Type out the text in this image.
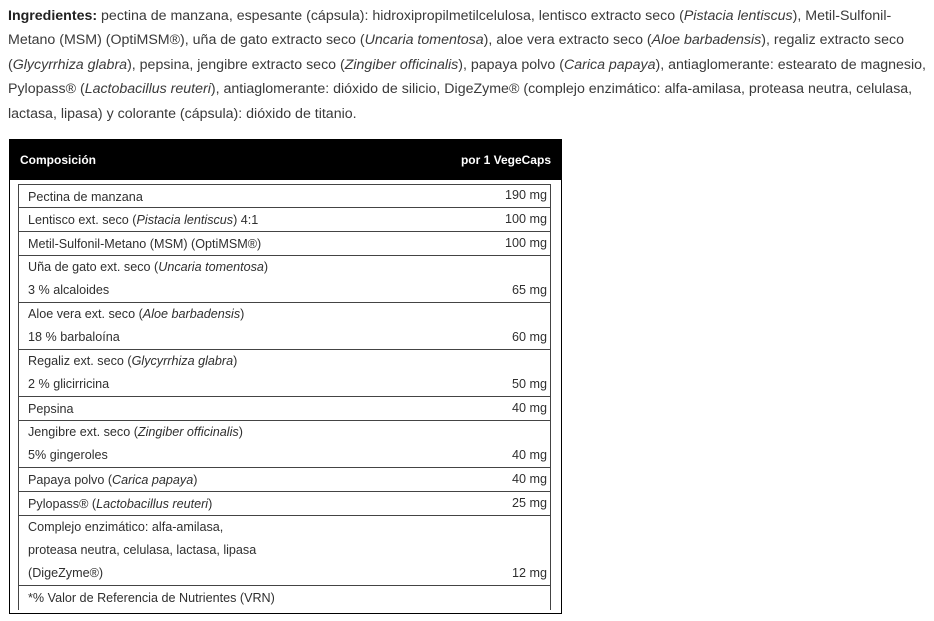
Ingredientes: pectina de manzana, espesante (cápsula): hidroxipropilmetilcelulosa, lentisco extracto seco (Pistacia lentiscus), Metil-Sulfonil-Metano (MSM) (OptiMSM®), uña de gato extracto seco (Uncaria tomentosa), aloe vera extracto seco (Aloe barbadensis), regaliz extracto seco (Glycyrrhiza glabra), pepsina, jengibre extracto seco (Zingiber officinalis), papaya polvo (Carica papaya), antiaglomerante: estearato de magnesio, Pylopass® (Lactobacillus reuteri), antiaglomerante: dióxido de silicio, DigeZyme® (complejo enzimático: alfa-amilasa, proteasa neutra, celulasa, lactasa, lipasa) y colorante (cápsula): dióxido de titanio.

Composición	por 1 VegeCaps
Pectina de manzana	190 mg
Lentisco ext. seco (Pistacia lentiscus) 4:1	100 mg
Metil-Sulfonil-Metano (MSM) (OptiMSM®)	100 mg
Uña de gato ext. seco (Uncaria tomentosa)
3 % alcaloides	65 mg
Aloe vera ext. seco (Aloe barbadensis)
18 % barbaloína	60 mg
Regaliz ext. seco (Glycyrrhiza glabra)
2 % glicirricina	50 mg
Pepsina	40 mg
Jengibre ext. seco (Zingiber officinalis)
5% gingeroles	40 mg
Papaya polvo (Carica papaya)	40 mg
Pylopass® (Lactobacillus reuteri)	25 mg
Complejo enzimático: alfa-amilasa,
proteasa neutra, celulasa, lactasa, lipasa
(DigeZyme®)	12 mg
*% Valor de Referencia de Nutrientes (VRN)
